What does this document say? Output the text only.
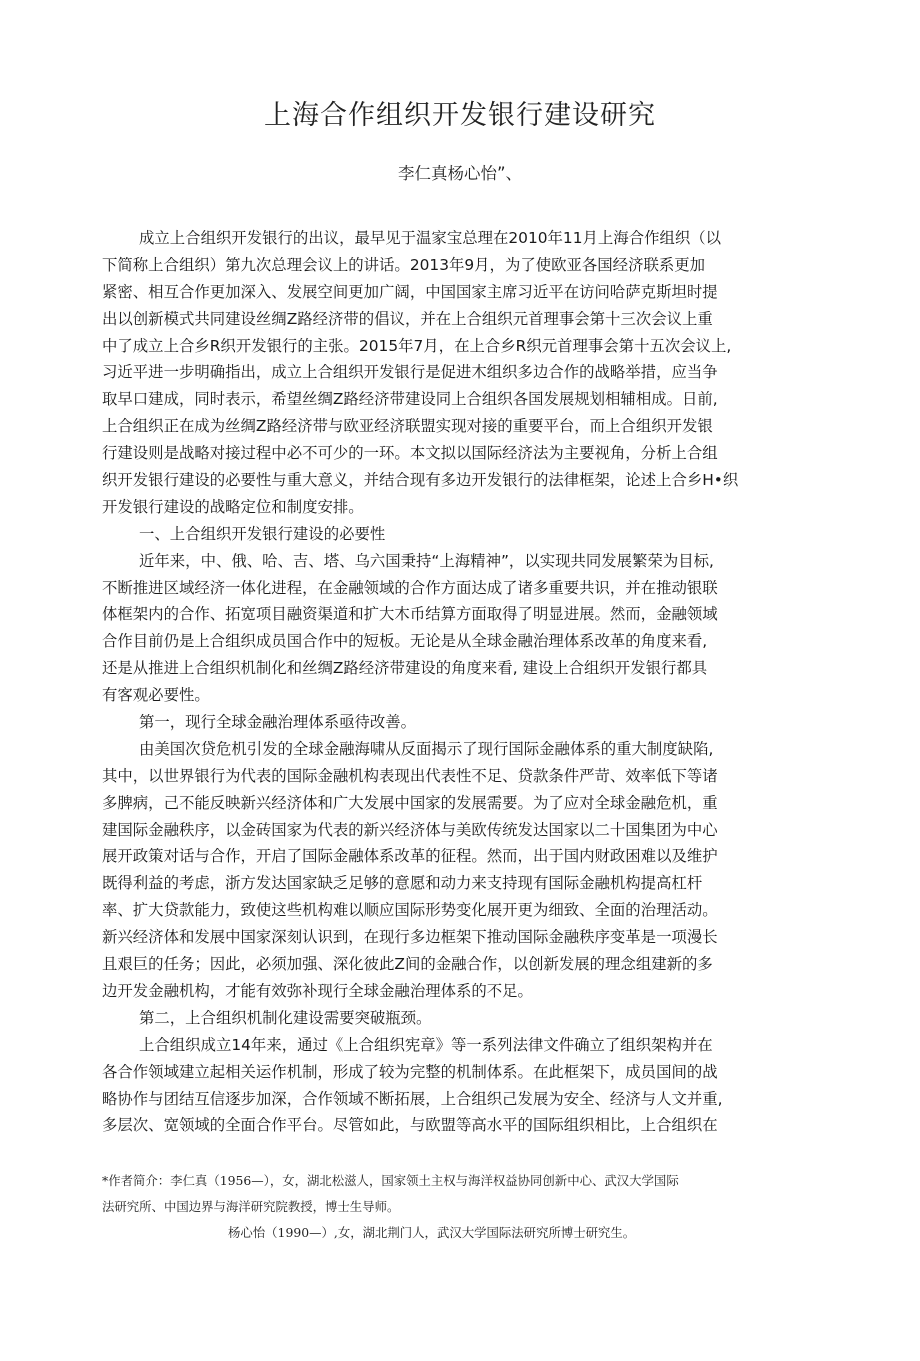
上海合作组织开发银行建设研究
李仁真杨心怡”、
成立上合组织开发银行的出议，最早见于温家宝总理在2010年11月上海合作组织（以
下简称上合组织）第九次总理会议上的讲话。2013年9月，为了使欧亚各国经济联系更加
紧密、相互合作更加深入、发展空间更加广阔，中国国家主席习近平在访问哈萨克斯坦时提
出以创新模式共同建设丝绸Z路经济带的倡议，并在上合组织元首理事会第十三次会议上重
中了成立上合乡R织开发银行的主张。2015年7月，在上合乡R织元首理事会第十五次会议上,
习近平进一步明确指出，成立上合组织开发银行是促进木组织多边合作的战略举措，应当争
取早口建成，同时表示，希望丝绸Z路经济带建设同上合组织各国发展规划相辅相成。日前,
上合组织正在成为丝绸Z路经济带与欧亚经济联盟实现对接的重要平台，而上合组织开发银
行建设则是战略对接过程中必不可少的一环。本文拟以国际经济法为主要视角，分析上合组
织开发银行建设的必要性与重大意义，并结合现有多边开发银行的法律框架，论述上合乡H•织
开发银行建设的战略定位和制度安排。
一、上合组织开发银行建设的必要性
近年来，中、俄、哈、吉、塔、乌六国秉持“上海精神”，以实现共同发展繁荣为目标,
不断推进区域经济一体化进程，在金融领域的合作方面达成了诸多重要共识，并在推动银联
体框架内的合作、拓宽项目融资渠道和扩大木币结算方面取得了明显进展。然而，金融领域
合作目前仍是上合组织成员国合作中的短板。无论是从全球金融治理体系改革的角度来看,
还是从推进上合组织机制化和丝绸Z路经济带建设的角度来看, 建设上合组织开发银行都具
有客观必要性。
第一，现行全球金融治理体系亟待改善。
由美国次贷危机引发的全球金融海啸从反面揭示了现行国际金融体系的重大制度缺陷,
其中，以世界银行为代表的国际金融机构表现出代表性不足、贷款条件严苛、效率低下等诸
多脾病，己不能反映新兴经济体和广大发展中国家的发展需要。为了应对全球金融危机，重
建国际金融秩序，以金砖国家为代表的新兴经济体与美欧传统发达国家以二十国集团为中心
展开政策对话与合作，开启了国际金融体系改革的征程。然而，出于国内财政困难以及维护
既得利益的考虑，浙方发达国家缺乏足够的意愿和动力来支持现有国际金融机构提高杠杆
率、扩大贷款能力，致使这些机构难以顺应国际形势变化展开更为细致、全面的治理活动。
新兴经济体和发展中国家深刻认识到，在现行多边框架下推动国际金融秩序变革是一项漫长
且艰巨的任务；因此，必须加强、深化彼此Z间的金融合作，以创新发展的理念组建新的多
边开发金融机构，才能有效弥补现行全球金融治理体系的不足。
第二，上合组织机制化建设需要突破瓶颈。
上合组织成立14年来，通过《上合组织宪章》等一系列法律文件确立了组织架构并在
各合作领域建立起相关运作机制，形成了较为完整的机制体系。在此框架下，成员国间的战
略协作与团结互信逐步加深，合作领域不断拓展，上合组织己发展为安全、经济与人文并重,
多层次、宽领域的全面合作平台。尽管如此，与欧盟等高水平的国际组织相比，上合组织在
*作者简介：李仁真（1956—），女，湖北松滋人，国家领土主权与海洋权益协同创新中心、武汉大学国际
法研究所、中国边界与海洋研究院教授，博士生导师。
杨心怡（1990—）,女，湖北荆门人，武汉大学国际法研究所博士研究生。
